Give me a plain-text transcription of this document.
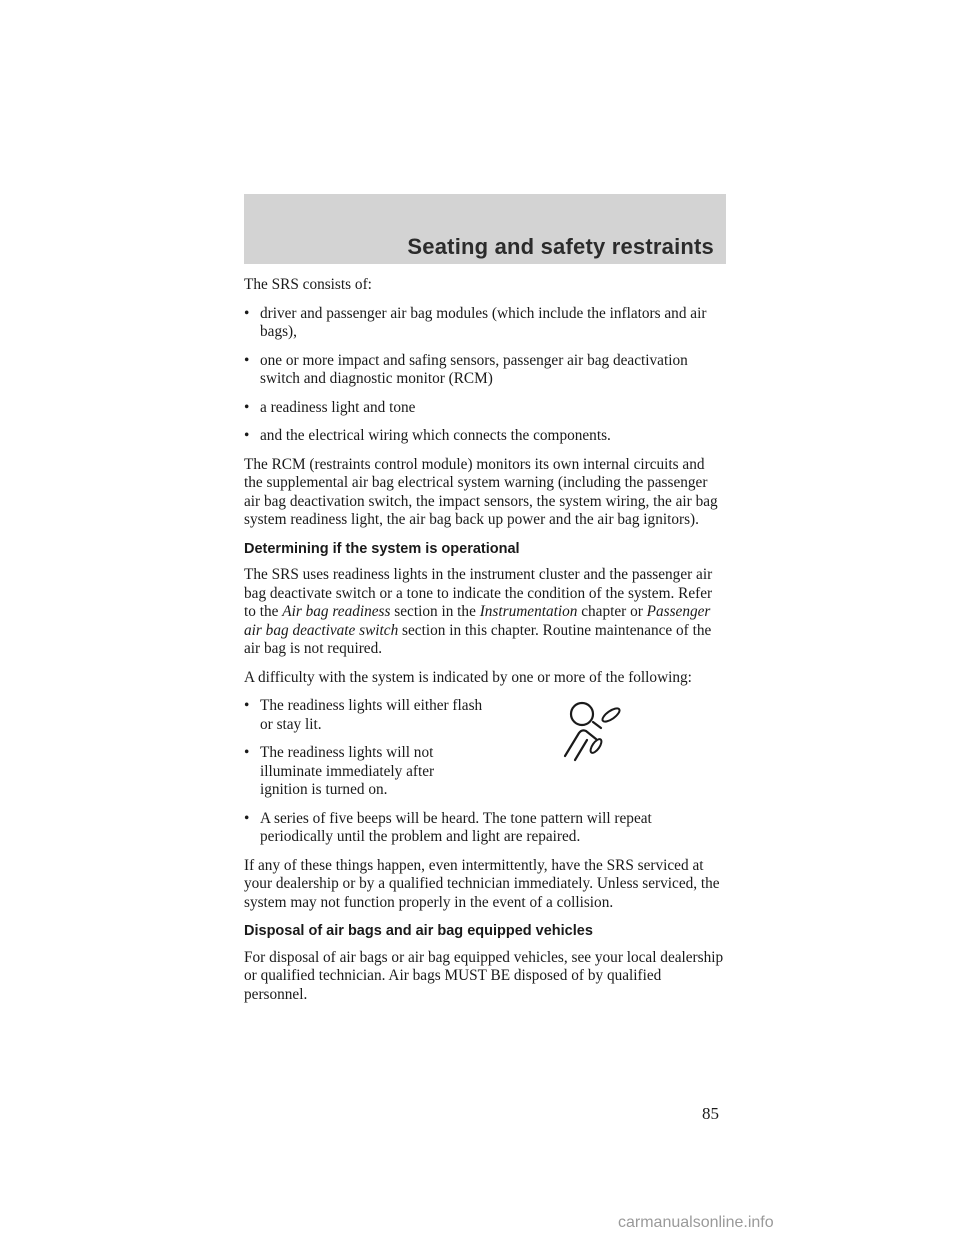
Seating and safety restraints

The SRS consists of:

• driver and passenger air bag modules (which include the inflators and air bags),
• one or more impact and safing sensors, passenger air bag deactivation switch and diagnostic monitor (RCM)
• a readiness light and tone
• and the electrical wiring which connects the components.

The RCM (restraints control module) monitors its own internal circuits and the supplemental air bag electrical system warning (including the passenger air bag deactivation switch, the impact sensors, the system wiring, the air bag system readiness light, the air bag back up power and the air bag ignitors).

Determining if the system is operational

The SRS uses readiness lights in the instrument cluster and the passenger air bag deactivate switch or a tone to indicate the condition of the system. Refer to the Air bag readiness section in the Instrumentation chapter or Passenger air bag deactivate switch section in this chapter. Routine maintenance of the air bag is not required.

A difficulty with the system is indicated by one or more of the following:

• The readiness lights will either flash or stay lit.
• The readiness lights will not illuminate immediately after ignition is turned on.
• A series of five beeps will be heard. The tone pattern will repeat periodically until the problem and light are repaired.

If any of these things happen, even intermittently, have the SRS serviced at your dealership or by a qualified technician immediately. Unless serviced, the system may not function properly in the event of a collision.

Disposal of air bags and air bag equipped vehicles

For disposal of air bags or air bag equipped vehicles, see your local dealership or qualified technician. Air bags MUST BE disposed of by qualified personnel.

85
carmanualsonline.info
